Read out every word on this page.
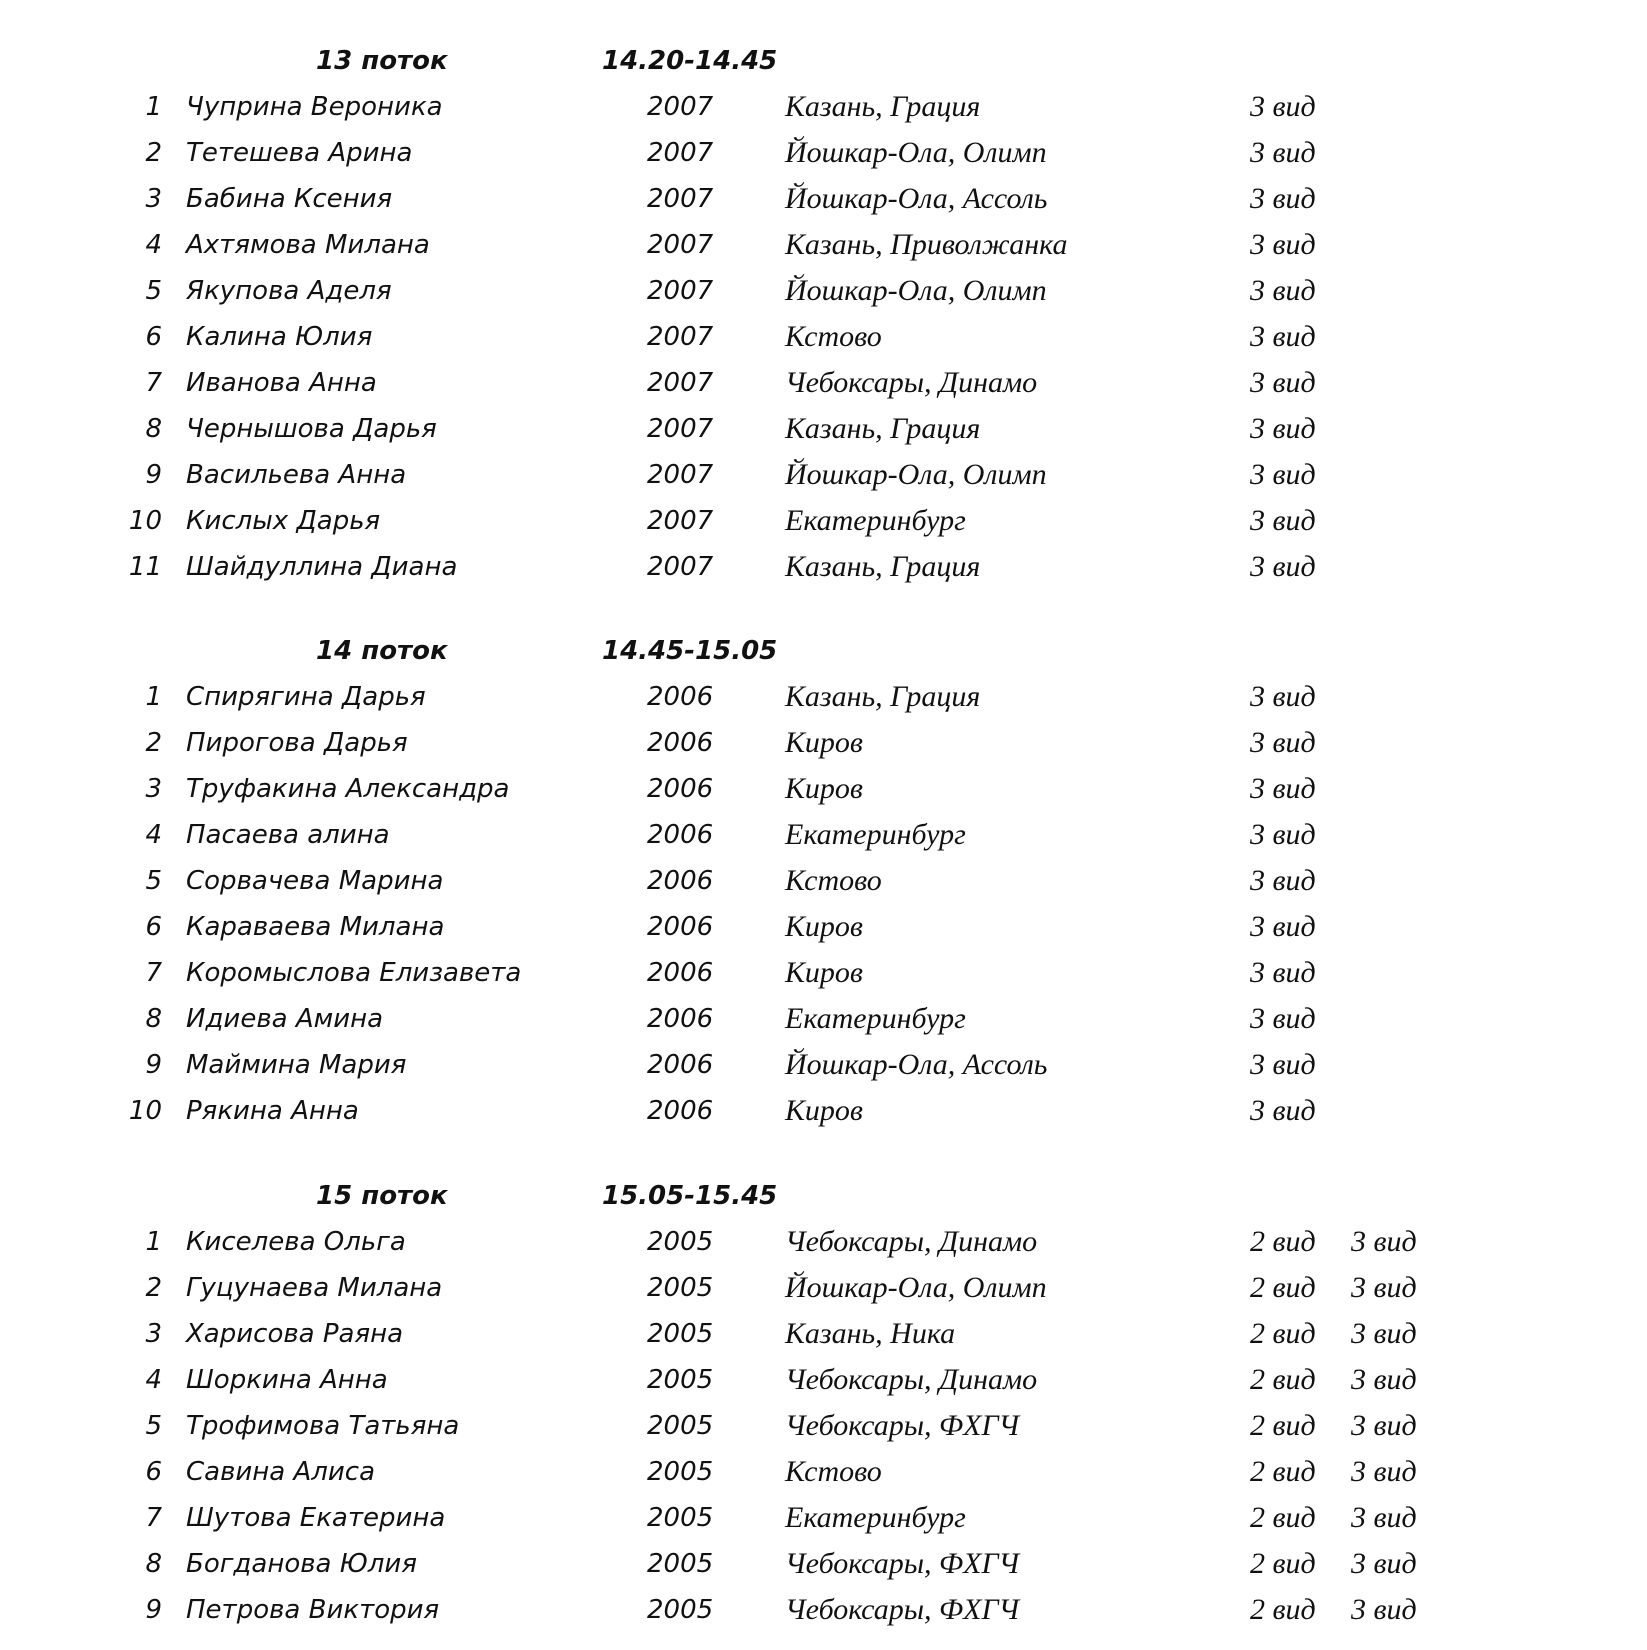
13 поток	14.20-14.45
1 Чуприна Вероника	2007 Казань, Грация	3 вид
2 Тетешева Арина	2007 Йошкар-Ола, Олимп	3 вид
3 Бабина Ксения	2007 Йошкар-Ола, Ассоль	3 вид
4 Ахтямова Милана	2007 Казань, Приволжанка	3 вид
5 Якупова Аделя	2007 Йошкар-Ола, Олимп	3 вид
6 Калина Юлия	2007 Кстово	3 вид
7 Иванова Анна	2007 Чебоксары, Динамо	3 вид
8 Чернышова Дарья	2007 Казань, Грация	3 вид
9 Васильева Анна	2007 Йошкар-Ола, Олимп	3 вид
10 Кислых Дарья	2007 Екатеринбург	3 вид
11 Шайдуллина Диана	2007 Казань, Грация	3 вид
14 поток	14.45-15.05
1 Спирягина Дарья	2006 Казань, Грация	3 вид
2 Пирогова Дарья	2006 Киров	3 вид
3 Труфакина Александра	2006 Киров	3 вид
4 Пасаева алина	2006 Екатеринбург	3 вид
5 Сорвачева Марина	2006 Кстово	3 вид
6 Караваева Милана	2006 Киров	3 вид
7 Коромыслова Елизавета	2006 Киров	3 вид
8 Идиева Амина	2006 Екатеринбург	3 вид
9 Маймина Мария	2006 Йошкар-Ола, Ассоль	3 вид
10 Рякина Анна	2006 Киров	3 вид
15 поток	15.05-15.45
1 Киселева Ольга	2005 Чебоксары, Динамо	2 вид 3 вид
2 Гуцунаева Милана	2005 Йошкар-Ола, Олимп	2 вид 3 вид
3 Харисова Раяна	2005 Казань, Ника	2 вид 3 вид
4 Шоркина Анна	2005 Чебоксары, Динамо	2 вид 3 вид
5 Трофимова Татьяна	2005 Чебоксары, ФХГЧ	2 вид 3 вид
6 Савина Алиса	2005 Кстово	2 вид 3 вид
7 Шутова Екатерина	2005 Екатеринбург	2 вид 3 вид
8 Богданова Юлия	2005 Чебоксары, ФХГЧ	2 вид 3 вид
9 Петрова Виктория	2005 Чебоксары, ФХГЧ	2 вид 3 вид
